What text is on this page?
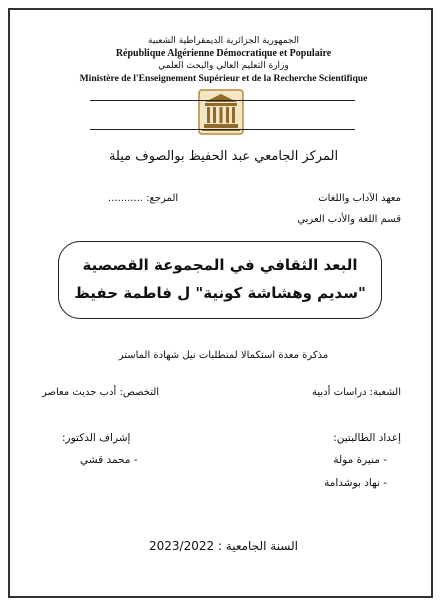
الجمهورية الجزائرية الديمقراطية الشعبية
République Algérienne Démocratique et Populaire
وزارة التعليم العالي والبحث العلمي
Ministère de l'Enseignement Supérieur et de la Recherche Scientifique
المركز الجامعي عبد الحفيظ بوالصوف ميلة
معهد الآداب واللغات
قسم اللغة والأدب العربي
المرجع: ...........
البعد الثقافي في المجموعة القصصية
"سديم وهشاشة كونية" ل فاطمة حفيظ
مذكرة معدة استكمالا لمتطلبات نيل شهادة الماستر
الشعبة: دراسات أدبية
التخصص: أدب حديث معاصر
إعداد الطالبتين:
- منيرة مولة
- نهاد بوشدامة
إشراف الدكتور:
- محمد قشي
السنة الجامعية : 2023/2022
